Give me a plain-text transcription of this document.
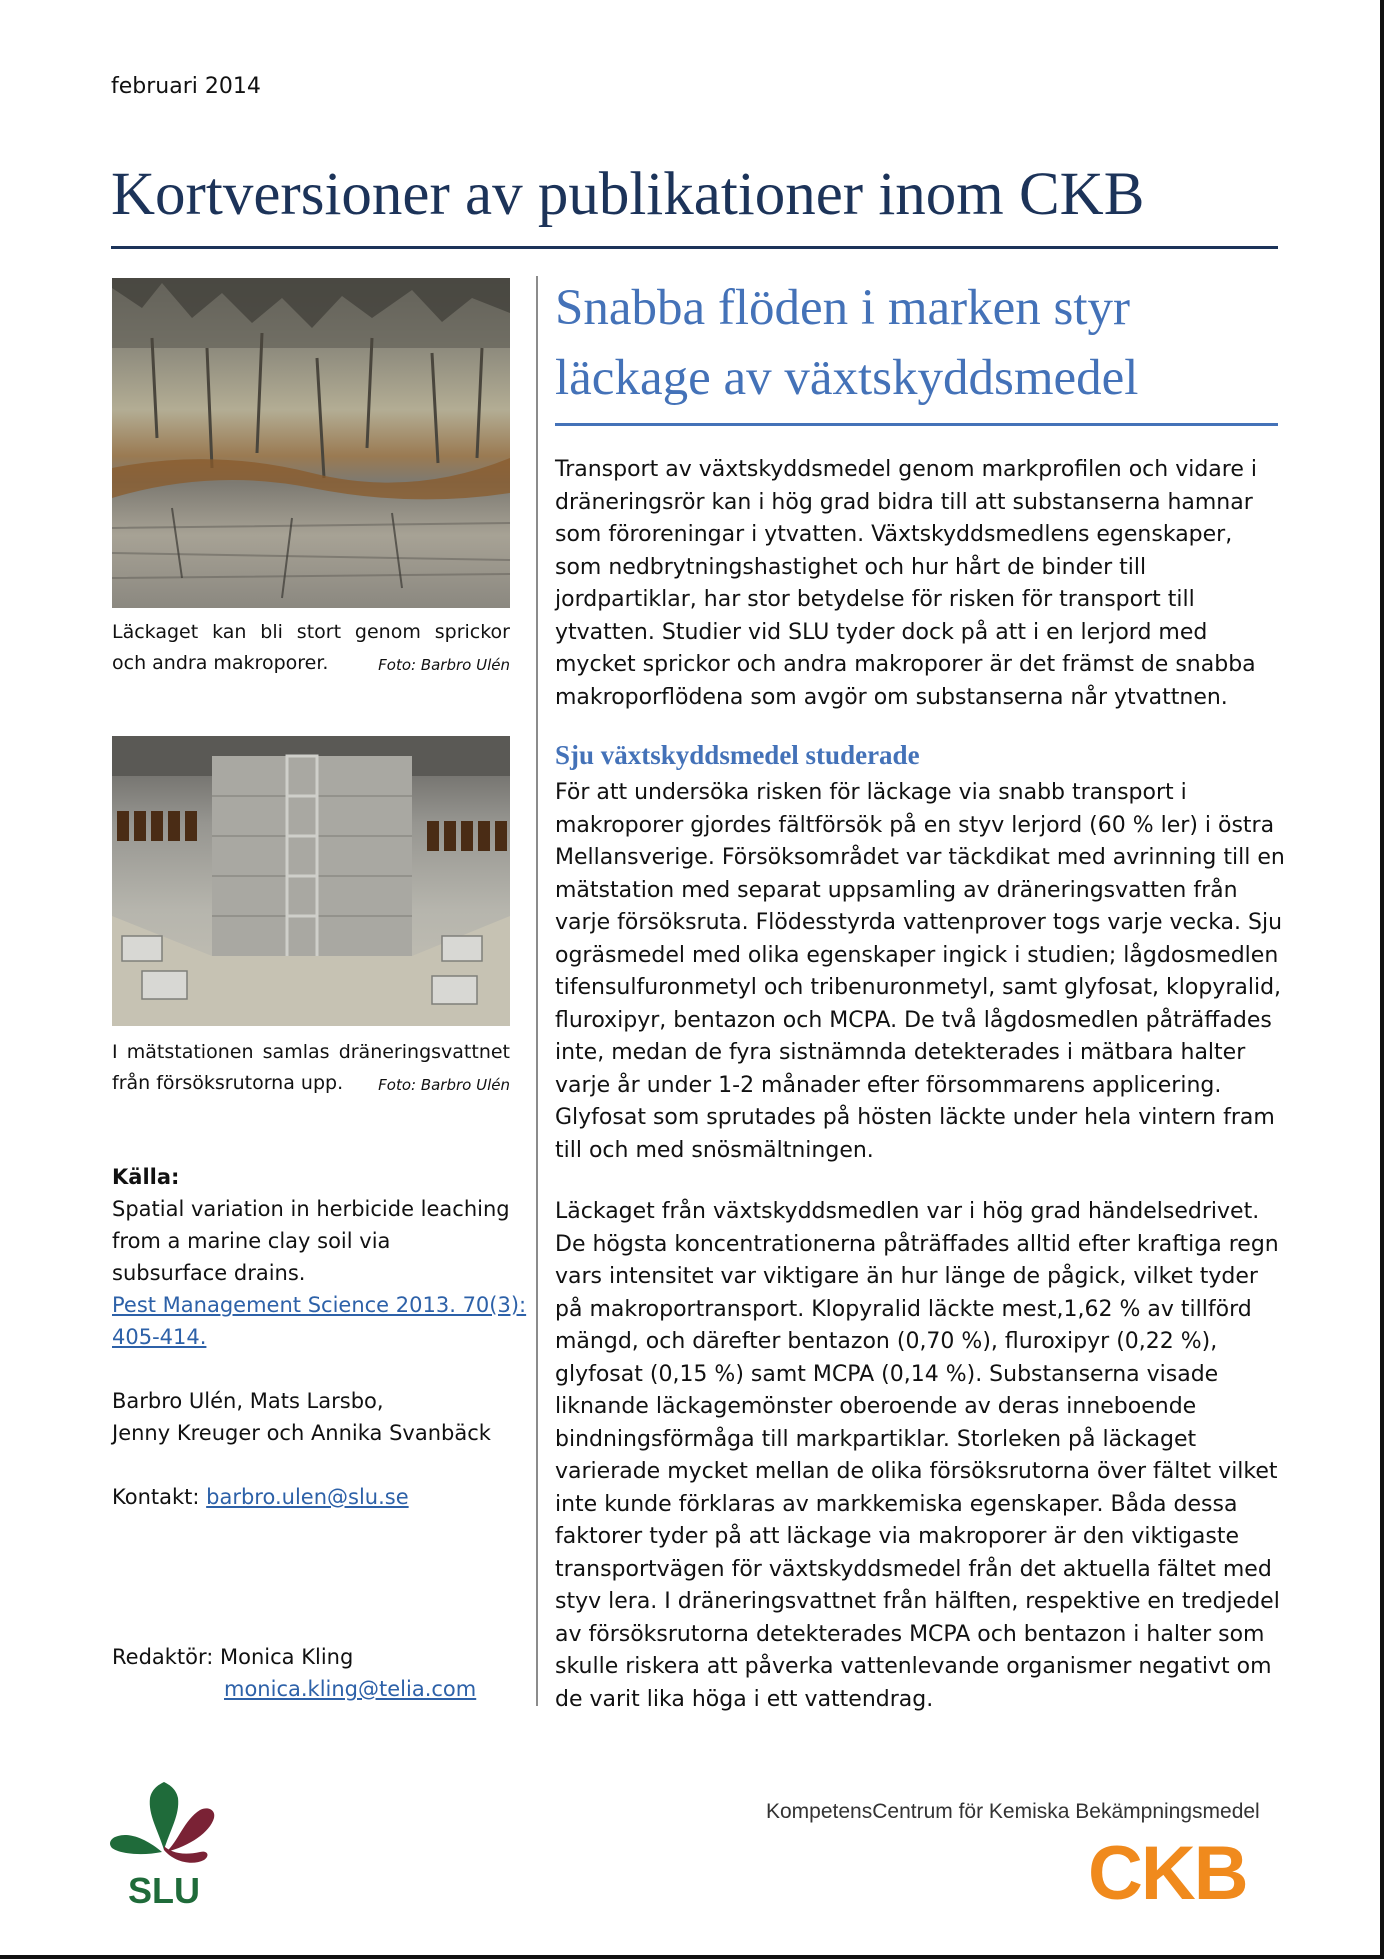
februari 2014
Kortversioner av publikationer inom CKB
Läckaget kan bli stort genom sprickor och andra makroporer.	Foto: Barbro Ulén
I mätstationen samlas dräneringsvattnet från försöksrutorna upp. Foto: Barbro Ulén
Källa:
Spatial variation in herbicide leaching from a marine clay soil via subsurface drains.
Pest Management Science 2013. 70(3): 405-414.
Barbro Ulén, Mats Larsbo,
Jenny Kreuger och Annika Svanbäck
Kontakt: barbro.ulen@slu.se
Redaktör: Monica Kling
monica.kling@telia.com
Snabba flöden i marken styr
läckage av växtskyddsmedel
Transport av växtskyddsmedel genom markprofilen och vidare i dräneringsrör kan i hög grad bidra till att substanserna hamnar som föroreningar i ytvatten. Växtskyddsmedlens egenskaper, som nedbrytningshastighet och hur hårt de binder till jordpartiklar, har stor betydelse för risken för transport till ytvatten. Studier vid SLU tyder dock på att i en lerjord med mycket sprickor och andra makroporer är det främst de snabba makroporflödena som avgör om substanserna når ytvattnen.
Sju växtskyddsmedel studerade
För att undersöka risken för läckage via snabb transport i makroporer gjordes fältförsök på en styv lerjord (60 % ler) i östra Mellansverige. Försöksområdet var täckdikat med avrinning till en mätstation med separat uppsamling av dräneringsvatten från varje försöksruta. Flödesstyrda vattenprover togs varje vecka. Sju ogräsmedel med olika egenskaper ingick i studien; lågdosmedlen tifensulfuronmetyl och tribenuronmetyl, samt glyfosat, klopyralid, fluroxipyr, bentazon och MCPA. De två lågdosmedlen påträffades inte, medan de fyra sistnämnda detekterades i mätbara halter varje år under 1-2 månader efter försommarens applicering. Glyfosat som sprutades på hösten läckte under hela vintern fram till och med snösmältningen.
Läckaget från växtskyddsmedlen var i hög grad händelsedrivet. De högsta koncentrationerna påträffades alltid efter kraftiga regn vars intensitet var viktigare än hur länge de pågick, vilket tyder på makroportransport. Klopyralid läckte mest,1,62 % av tillförd mängd, och därefter bentazon (0,70 %), fluroxipyr (0,22 %), glyfosat (0,15 %) samt MCPA (0,14 %). Substanserna visade liknande läckagemönster oberoende av deras inneboende bindningsförmåga till markpartiklar. Storleken på läckaget varierade mycket mellan de olika försöksrutorna över fältet vilket inte kunde förklaras av markkemiska egenskaper. Båda dessa faktorer tyder på att läckage via makroporer är den viktigaste transportvägen för växtskyddsmedel från det aktuella fältet med styv lera. I dräneringsvattnet från hälften, respektive en tredjedel av försöksrutorna detekterades MCPA och bentazon i halter som skulle riskera att påverka vattenlevande organismer negativt om de varit lika höga i ett vattendrag.
SLU
KompetensCentrum för Kemiska Bekämpningsmedel
CKB
